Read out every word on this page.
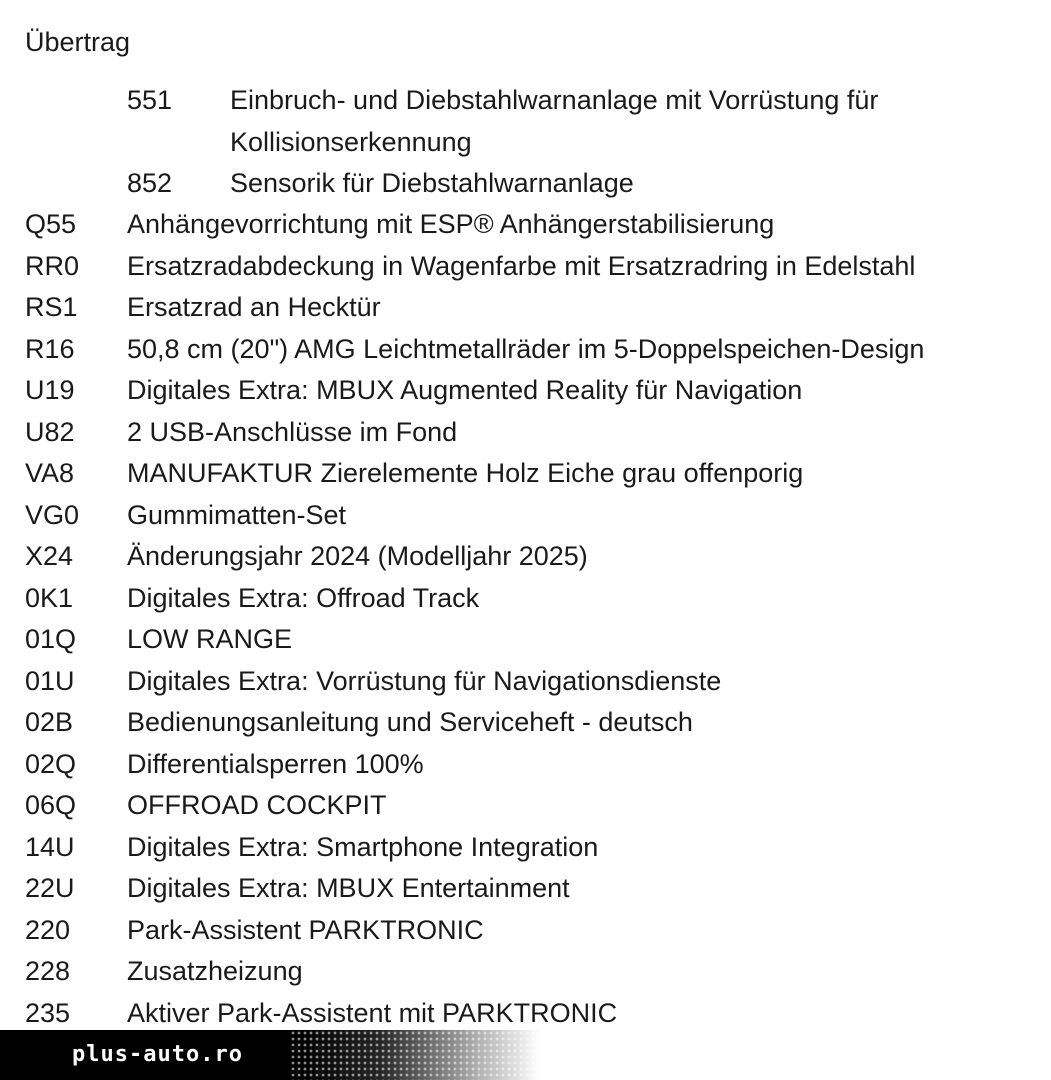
Übertrag
551	Einbruch- und Diebstahlwarnanlage mit Vorrüstung für
Kollisionserkennung
852	Sensorik für Diebstahlwarnanlage
Q55	Anhängevorrichtung mit ESP® Anhängerstabilisierung
RR0	Ersatzradabdeckung in Wagenfarbe mit Ersatzradring in Edelstahl
RS1	Ersatzrad an Hecktür
R16	50,8 cm (20") AMG Leichtmetallräder im 5-Doppelspeichen-Design
U19	Digitales Extra: MBUX Augmented Reality für Navigation
U82	2 USB-Anschlüsse im Fond
VA8	MANUFAKTUR Zierelemente Holz Eiche grau offenporig
VG0	Gummimatten-Set
X24	Änderungsjahr 2024 (Modelljahr 2025)
0K1	Digitales Extra: Offroad Track
01Q	LOW RANGE
01U	Digitales Extra: Vorrüstung für Navigationsdienste
02B	Bedienungsanleitung und Serviceheft - deutsch
02Q	Differentialsperren 100%
06Q	OFFROAD COCKPIT
14U	Digitales Extra: Smartphone Integration
22U	Digitales Extra: MBUX Entertainment
220	Park-Assistent PARKTRONIC
228	Zusatzheizung
235	Aktiver Park-Assistent mit PARKTRONIC
plus-auto.ro
